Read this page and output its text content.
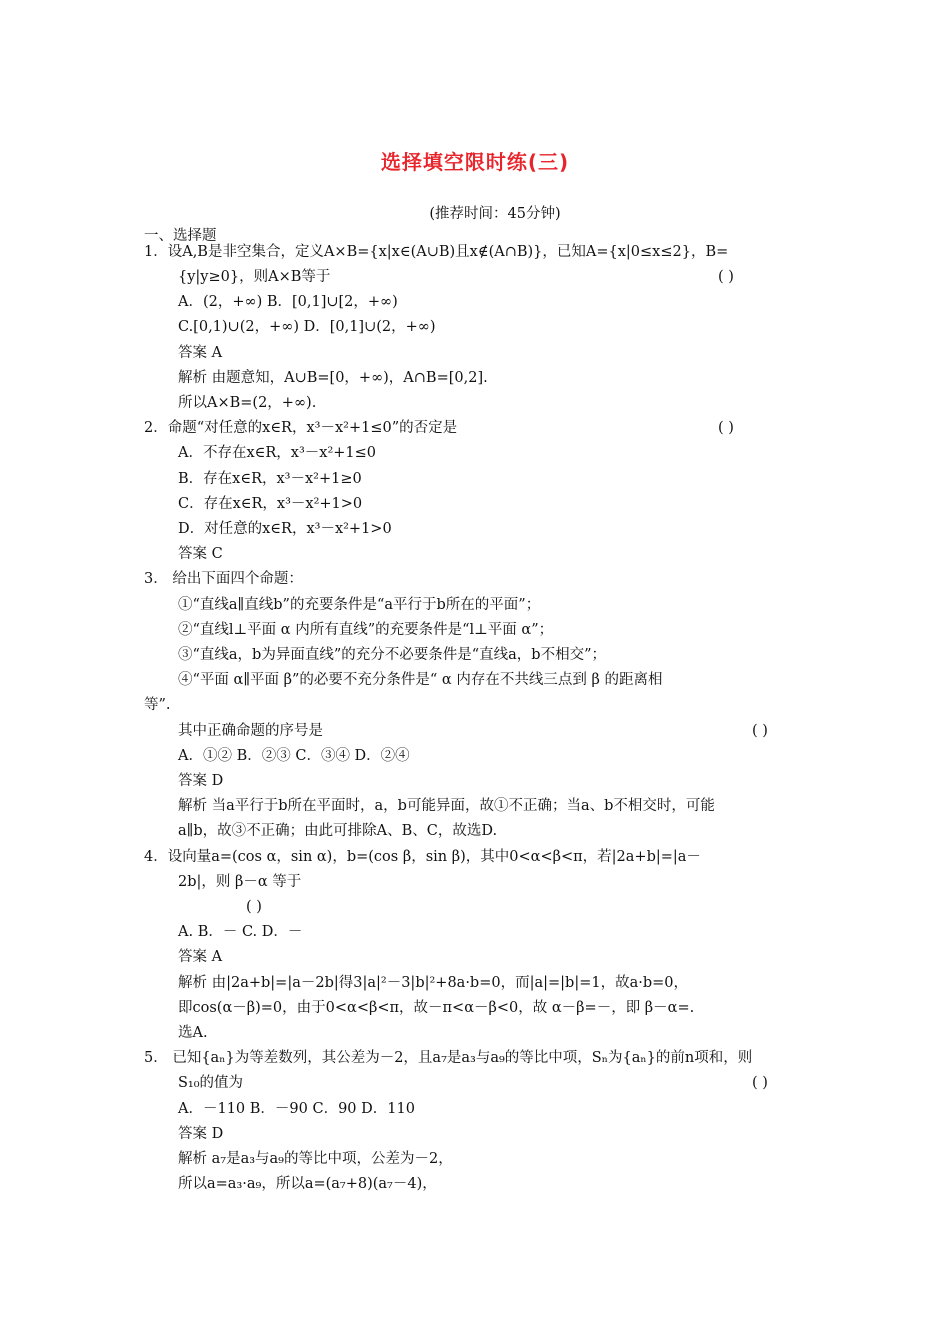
选择填空限时练(三)
(推荐时间：45分钟)
一、选择题
1．设A,B是非空集合，定义A×B={x|x∈(A∪B)且x∉(A∩B)}，已知A={x|0≤x≤2}，B=
{y|y≥0}，则A×B等于
A．(2，+∞) B．[0,1]∪[2，+∞)
C.[0,1)∪(2，+∞) D．[0,1]∪(2，+∞)
答案 A
解析 由题意知，A∪B=[0，+∞)，A∩B=[0,2].
所以A×B=(2，+∞).
2．命题“对任意的x∈R，x³－x²+1≤0”的否定是
A．不存在x∈R，x³－x²+1≤0
B．存在x∈R，x³－x²+1≥0
C．存在x∈R，x³－x²+1>0
D．对任意的x∈R，x³－x²+1>0
答案 C
3． 给出下面四个命题：
①“直线a∥直线b”的充要条件是“a平行于b所在的平面”；
②“直线l⊥平面 α 内所有直线”的充要条件是“l⊥平面 α”；
③“直线a，b为异面直线”的充分不必要条件是“直线a，b不相交”；
④“平面 α∥平面 β”的必要不充分条件是“ α 内存在不共线三点到 β 的距离相
等”.
其中正确命题的序号是
A．①② B．②③ C．③④ D．②④
答案 D
解析 当a平行于b所在平面时，a，b可能异面，故①不正确；当a、b不相交时，可能
a∥b，故③不正确；由此可排除A、B、C，故选D.
4．设向量a=(cos α，sin α)，b=(cos β，sin β)，其中0<α<β<π，若|2a+b|=|a－
2b|，则 β－α 等于
( )
A. B．－ C. D．－
答案 A
解析 由|2a+b|=|a－2b|得3|a|²－3|b|²+8a·b=0，而|a|=|b|=1，故a·b=0，
即cos(α－β)=0，由于0<α<β<π，故－π<α－β<0，故 α－β=－，即 β－α=.
选A.
5． 已知{aₙ}为等差数列，其公差为－2，且a₇是a₃与a₉的等比中项，Sₙ为{aₙ}的前n项和，则
S₁₀的值为
A．－110 B．－90 C．90 D．110
答案 D
解析 a₇是a₃与a₉的等比中项，公差为－2，
所以a=a₃·a₉，所以a=(a₇+8)(a₇－4)，
( )
( )
( )
( )
